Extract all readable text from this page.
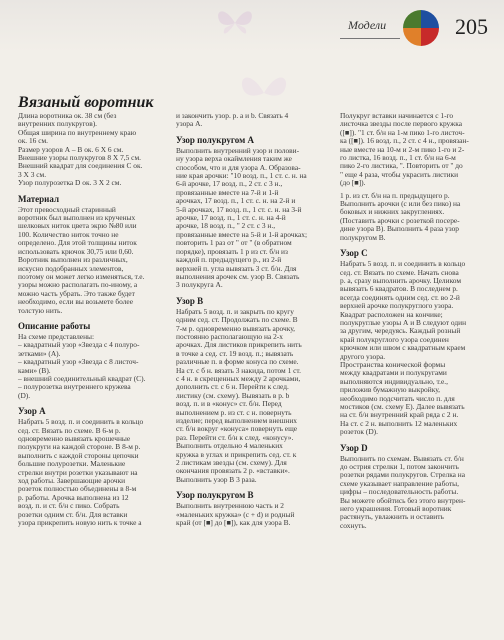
Модели	205
Вязаный воротник

Длина воротника ок. 38 см (без
внутренних полукругов).
Общая ширина по внутреннему краю
ок. 16 см.
Размер узоров А – В ок. 6 Х 6 см.
Внешние узоры полукругов 8 Х 7,5 см.
Внешний квадрат для соединения С ок.
3 Х 3 см.
Узор полурозетка D ок. 3 Х 2 см.

Материал

Этот превосходный старинный
воротник был выполнен из крученых
шелковых ниток цвета экрю №80 или
100. Количество ниток точно не
определено. Для этой толщины ниток
использовать крючок 30,75 или 0,60.
Воротник выполнен из различных,
искусно подобранных элементов,
поэтому он может легко изменяться, т.е.
узоры можно располагать по-иному, а
можно часть убрать. Это также будет
необходимо, если вы возьмете более
толстую нить.

Описание работы

На схеме представлены:
– квадратный узор «Звезда с 4 полуро-
зетками» (А).
– квадратный узор «Звезда с 8 листоч-
ками» (В).
– внешний соединительный квадрат (С).
– полурозетка внутреннего кружева
(D).

Узор А

Набрать 5 возд. п. и соединить в кольцо
сед. ст. Вязать по схеме. В 6-м р.
одновременно вывязать крошечные
полукруги на каждой стороне. В 8-м р.
выполнить с каждой стороны цепочки
большие полурозетки. Маленькие
стрелки внутри розетки указывают на
ход работы. Завершающие арочки
розеток полностью объединены в 8-м
р. работы. Арочка выполнена из 12
возд. п. и ст. б/н с пико. Собрать
розетки одним ст. б/н. Для вставки
узора прикрепить новую нить к точке a

и закончить узор. р. а и b. Связать 4
узора А.

Узор полукругом А

Выполнить внутренний узор и полови-
ну узора верха окаймления таким же
способом, что и для узора А. Образова-
ние края арочки: "10 возд. п., 1 ст. с. н. на
6-й арочке, 17 возд. п., 2 ст. с 3 н.,
провязанные вместе на 7-й и 1-й
арочках, 17 возд. п., 1 ст. с. н. на 2-й и
5-й арочках, 17 возд. п., 1 ст. с. н. на 3-й
арочке, 17 возд. п., 1 ст. с. н. на 4-й
арочке, 18 возд. п., " 2 ст. с 3 н.,
провязанные вместе на 5-й и 1-й арочках;
повторить 1 раз от " от " (в обратном
порядке), провязать 1 р из ст. б/н из
каждой п. предыдущего р., из 2-й
верхней п. угла вывязать 3 ст. б/н. Для
выполнения арочек см. узор В. Связать
3 полукруга А.

Узор В

Набрать 5 возд. п. и закрыть по кругу
одним сед. ст. Продолжать по схеме. В
7-м р. одновременно вывязать арочку,
постоянно располагающую на 2-х
арочках. Для листиков прикрепить нить
в точке a сед. ст. 19 возд. п.; вывязать
различные п. в форме конуса по схеме.
На ст. с б н. вязать 3 накида, потом 1 ст.
с 4 н. в скрещенных между 2 арочками,
дополнить ст. с 6 н. Перейти к след.
листику (см. схему). Вывязать в р. b
возд. п. и в «конус» ст. б/н. Перед
выполнением р. из ст. с н. повернуть
изделие; перед выполнением внешних
ст. б/н вокруг «конуса» повернуть еще
раз. Перейти ст. б/н к след. «конусу».
Выполнить отдельно 4 маленьких
кружка в углах и прикрепить сед. ст. к
2 листикам звезды (см. схему). Для
окончания провязать 2 р. «вставки».
Выполнить узор В 3 раза.

Узор полукругом В

Выполнить внутреннюю часть и 2
«маленьких кружка» (c + d) и родный
край (от [■] до [■]), как для узора В.

Полукруг вставки начинается с 1-го
листочка звезды после первого кружка
([■]). "1 ст. б/н на 1-м пико 1-го листоч-
ка ([■]). 16 возд. п., 2 ст. с 4 н., провязан-
ные вместе на 10-м и 2-м пико 1-го и 2-
го листка, 16 возд. п., 1 ст. б/н на 6-м
пико 2-го листика, ". Повторить от " до
" еще 4 раза, чтобы украсить листики
(до [■]).

1 р. из ст. б/н на п. предыдущего р.
Выполнить арочки (с или без пико) на
боковых и нижних закруглениях.
(Поставить арочки с розеткой посере-
дине узора В). Выполнить 4 раза узор
полукругом В.

Узор С

Набрать 5 возд. п. и соединить в кольцо
сед. ст. Вязать по схеме. Начать снова
р. a, сразу выполнить арочку. Целиком
вывязать 6 квадратов. В последнем р.
всегда соединять одним сед. ст. во 2-й
верхней арочке полукруглого узора.
Квадрат расположен на кончике;
полукруглые узоры А и В следуют один
за другим, чередуясь. Каждый розный
край полукруглого узора соединен
крючком или швом с квадратным краем
другого узора.
Пространства конической формы
между квадратами и полукругами
выполняются индивидуально, т.е.,
приложив бумажную выкройку,
необходимо подсчитать число п. для
мостиков (см. схему E). Далее вывязать
на ст. б/н внутренний край ряда с 2 н.
На ст. с 2 н. выполнить 12 маленьких
розеток (D).

Узор D

Выполнить по схемам. Вывязать ст. б/н
до острия стрелки 1, потом закончить
розетки рядами полукругов. Стрелка на
схеме указывает направление работы,
цифры – последовательность работы.
Вы можете обойтись без этого внутрен-
него украшения. Готовый воротник
растянуть, увлажнить и оставить
сохнуть.
